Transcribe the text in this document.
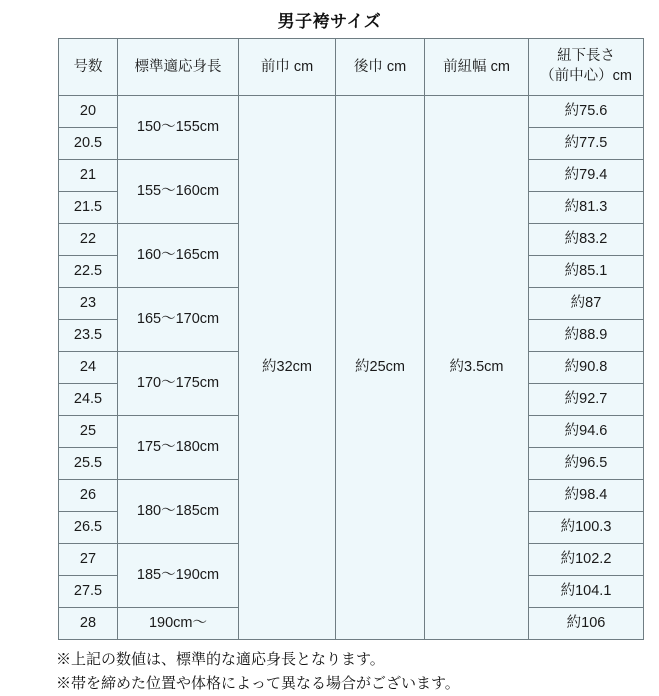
男子袴サイズ
号数	標準適応身長	前巾 cm	後巾 cm	前紐幅 cm	紐下長さ
（前中心）cm

20	150〜155cm	約32cm	約25cm	約3.5cm	約75.6
20.5					約77.5
21	155〜160cm				約79.4
21.5					約81.3
22	160〜165cm				約83.2
22.5					約85.1
23	165〜170cm				約87
23.5					約88.9
24	170〜175cm				約90.8
24.5					約92.7
25	175〜180cm				約94.6
25.5					約96.5
26	180〜185cm				約98.4
26.5					約100.3
27	185〜190cm				約102.2
27.5					約104.1
28	190cm〜				約106
※上記の数値は、標準的な適応身長となります。
※帯を締めた位置や体格によって異なる場合がございます。
